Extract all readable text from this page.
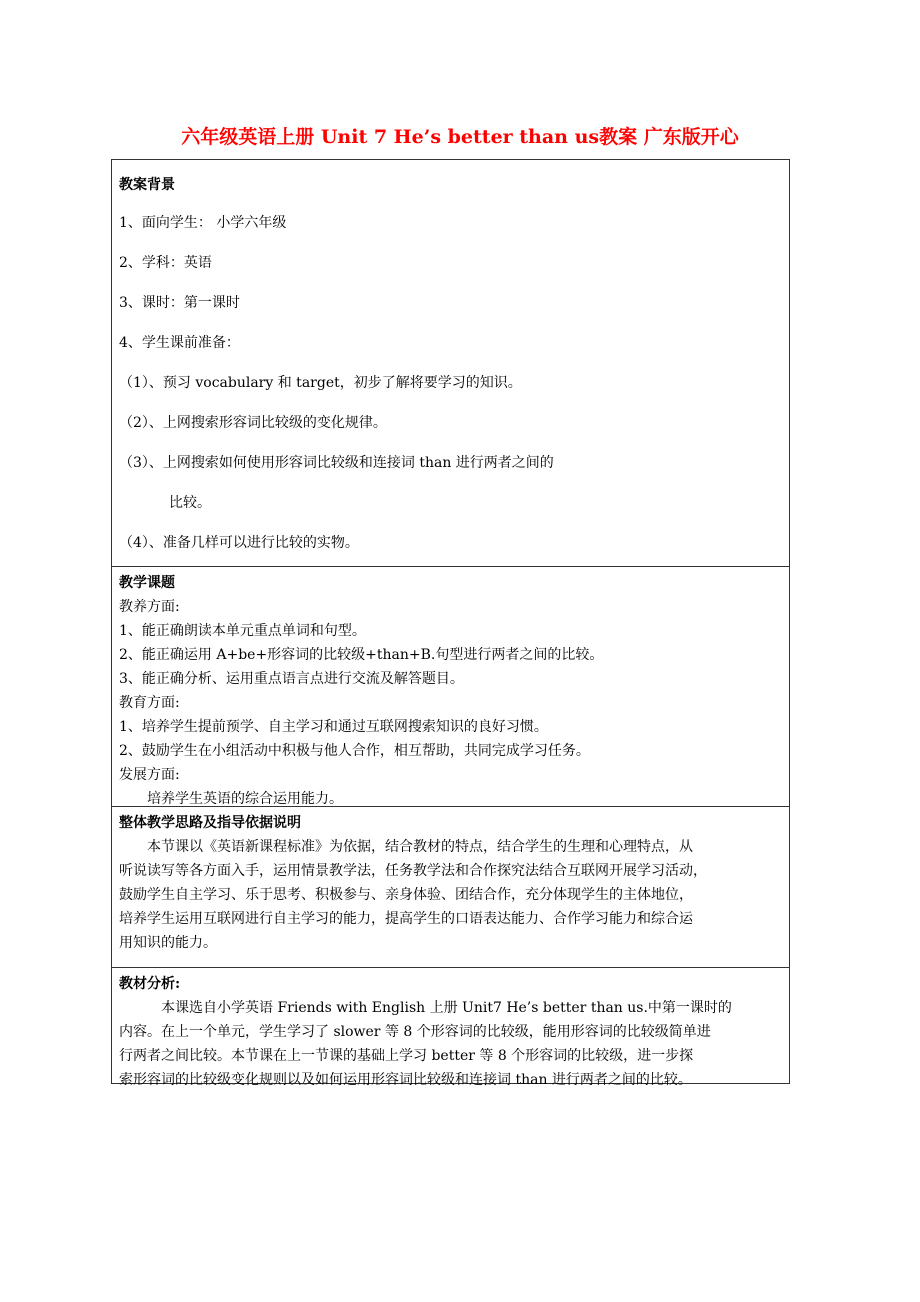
六年级英语上册 Unit 7 He’s better than us教案 广东版开心
教案背景
1、面向学生： 小学六年级
2、学科：英语
3、课时：第一课时
4、学生课前准备：
（1）、预习 vocabulary 和 target，初步了解将要学习的知识。
（2）、上网搜索形容词比较级的变化规律。
（3）、上网搜索如何使用形容词比较级和连接词 than 进行两者之间的
比较。
（4）、准备几样可以进行比较的实物。
教学课题
教养方面:
1、能正确朗读本单元重点单词和句型。
2、能正确运用 A+be+形容词的比较级+than+B.句型进行两者之间的比较。
3、能正确分析、运用重点语言点进行交流及解答题目。
教育方面:
1、培养学生提前预学、自主学习和通过互联网搜索知识的良好习惯。
2、鼓励学生在小组活动中积极与他人合作，相互帮助，共同完成学习任务。
发展方面:
培养学生英语的综合运用能力。
整体教学思路及指导依据说明
本节课以《英语新课程标准》为依据，结合教材的特点，结合学生的生理和心理特点，从
听说读写等各方面入手，运用情景教学法，任务教学法和合作探究法结合互联网开展学习活动，
鼓励学生自主学习、乐于思考、积极参与、亲身体验、团结合作，充分体现学生的主体地位，
培养学生运用互联网进行自主学习的能力，提高学生的口语表达能力、合作学习能力和综合运
用知识的能力。
教材分析:
本课选自小学英语 Friends with English 上册 Unit7 He’s better than us.中第一课时的
内容。在上一个单元，学生学习了 slower 等 8 个形容词的比较级，能用形容词的比较级简单进
行两者之间比较。本节课在上一节课的基础上学习 better 等 8 个形容词的比较级，进一步探
索形容词的比较级变化规则以及如何运用形容词比较级和连接词 than 进行两者之间的比较。
